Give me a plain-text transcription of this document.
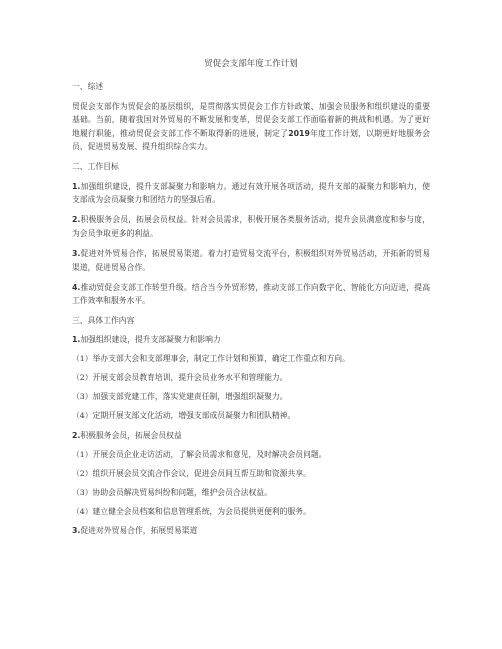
贸促会支部年度工作计划
一、综述
贸促会支部作为贸促会的基层组织，是贯彻落实贸促会工作方针政策、加强会员服务和组织建设的重要基础。当前，随着我国对外贸易的不断发展和变革，贸促会支部工作面临着新的挑战和机遇。为了更好地履行职能，推动贸促会支部工作不断取得新的进展，制定了2019年度工作计划，以期更好地服务会员、促进贸易发展、提升组织综合实力。
二、工作目标
1.加强组织建设，提升支部凝聚力和影响力。通过有效开展各项活动，提升支部的凝聚力和影响力，使支部成为会员凝聚力和团结力的坚强后盾。
2.积极服务会员，拓展会员权益。针对会员需求，积极开展各类服务活动，提升会员满意度和参与度，为会员争取更多的利益。
3.促进对外贸易合作，拓展贸易渠道。着力打造贸易交流平台，积极组织对外贸易活动，开拓新的贸易渠道，促进贸易合作。
4.推动贸促会支部工作转型升级。结合当今外贸形势，推动支部工作向数字化、智能化方向迈进，提高工作效率和服务水平。
三、具体工作内容
1.加强组织建设，提升支部凝聚力和影响力
（1）举办支部大会和支部理事会，制定工作计划和预算，确定工作重点和方向。
（2）开展支部会员教育培训，提升会员业务水平和管理能力。
（3）加强支部党建工作，落实党建责任制，增强组织凝聚力。
（4）定期开展支部文化活动，增强支部成员凝聚力和团队精神。
2.积极服务会员，拓展会员权益
（1）开展会员企业走访活动，了解会员需求和意见，及时解决会员问题。
（2）组织开展会员交流合作会议，促进会员间互帮互助和资源共享。
（3）协助会员解决贸易纠纷和问题，维护会员合法权益。
（4）建立健全会员档案和信息管理系统，为会员提供更便利的服务。
3.促进对外贸易合作，拓展贸易渠道
